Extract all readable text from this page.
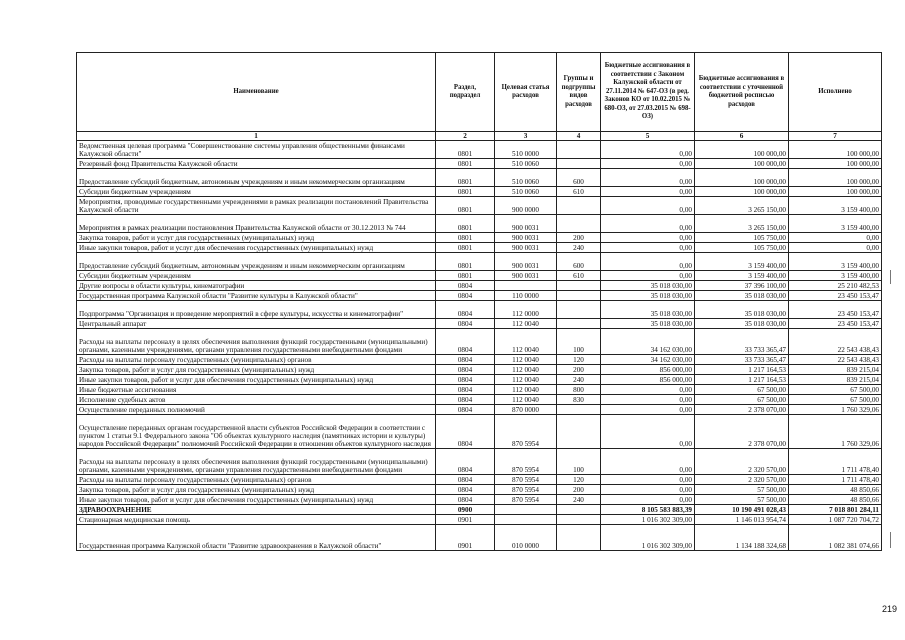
Наименование	Раздел, подраздел	Целевая статья расходов	Группы и подгруппы видов расходов	Бюджетные ассигнования в соответствии с Законом Калужской области от 27.11.2014 № 647-ОЗ (в ред. Законов КО от 10.02.2015 № 680-ОЗ, от 27.03.2015 № 698-ОЗ)	Бюджетные ассигнования в соответствии с уточненной бюджетной росписью расходов	Исполнено
1	2	3	4	5	6	7
Ведомственная целевая программа "Совершенствование системы управления общественными финансами Калужской области"	0801	510 0000		0,00	100 000,00	100 000,00
Резервный фонд Правительства Калужской области	0801	510 0060		0,00	100 000,00	100 000,00
Предоставление субсидий бюджетным, автономным учреждениям и иным некоммерческим организациям	0801	510 0060	600	0,00	100 000,00	100 000,00
Субсидии бюджетным учреждениям	0801	510 0060	610	0,00	100 000,00	100 000,00
Мероприятия, проводимые государственными учреждениями в рамках реализации постановлений Правительства Калужской области	0801	900 0000		0,00	3 265 150,00	3 159 400,00
Мероприятия в рамках реализации постановления Правительства Калужской области от 30.12.2013 № 744	0801	900 0031		0,00	3 265 150,00	3 159 400,00
Закупка товаров, работ и услуг для государственных (муниципальных) нужд	0801	900 0031	200	0,00	105 750,00	0,00
Иные закупки товаров, работ и услуг для обеспечения государственных (муниципальных) нужд	0801	900 0031	240	0,00	105 750,00	0,00
Предоставление субсидий бюджетным, автономным учреждениям и иным некоммерческим организациям	0801	900 0031	600	0,00	3 159 400,00	3 159 400,00
Субсидии бюджетным учреждениям	0801	900 0031	610	0,00	3 159 400,00	3 159 400,00
Другие вопросы в области культуры, кинематографии	0804			35 018 030,00	37 396 100,00	25 210 482,53
Государственная программа Калужской области "Развитие культуры в Калужской области"	0804	110 0000		35 018 030,00	35 018 030,00	23 450 153,47
Подпрограмма "Организация и проведение мероприятий в сфере культуры, искусства и кинематографии"	0804	112 0000		35 018 030,00	35 018 030,00	23 450 153,47
Центральный аппарат	0804	112 0040		35 018 030,00	35 018 030,00	23 450 153,47
Расходы на выплаты персоналу в целях обеспечения выполнения функций государственными (муниципальными) органами, казенными учреждениями, органами управления государственными внебюджетными фондами	0804	112 0040	100	34 162 030,00	33 733 365,47	22 543 438,43
Расходы на выплаты персоналу государственных (муниципальных) органов	0804	112 0040	120	34 162 030,00	33 733 365,47	22 543 438,43
Закупка товаров, работ и услуг для государственных (муниципальных) нужд	0804	112 0040	200	856 000,00	1 217 164,53	839 215,04
Иные закупки товаров, работ и услуг для обеспечения государственных (муниципальных) нужд	0804	112 0040	240	856 000,00	1 217 164,53	839 215,04
Иные бюджетные ассигнования	0804	112 0040	800	0,00	67 500,00	67 500,00
Исполнение судебных актов	0804	112 0040	830	0,00	67 500,00	67 500,00
Осуществление переданных полномочий	0804	870 0000		0,00	2 378 070,00	1 760 329,06
Осуществление переданных органам государственной власти субъектов Российской Федерации в соответствии с пунктом 1 статьи 9.1 Федерального закона "Об объектах культурного наследия (памятниках истории и культуры) народов Российской Федерации" полномочий Российской Федерации в отношении объектов культурного наследия	0804	870 5954		0,00	2 378 070,00	1 760 329,06
Расходы на выплаты персоналу в целях обеспечения выполнения функций государственными (муниципальными) органами, казенными учреждениями, органами управления государственными внебюджетными фондами	0804	870 5954	100	0,00	2 320 570,00	1 711 478,40
Расходы на выплаты персоналу государственных (муниципальных) органов	0804	870 5954	120	0,00	2 320 570,00	1 711 478,40
Закупка товаров, работ и услуг для государственных (муниципальных) нужд	0804	870 5954	200	0,00	57 500,00	48 850,66
Иные закупки товаров, работ и услуг для обеспечения государственных (муниципальных) нужд	0804	870 5954	240	0,00	57 500,00	48 850,66
ЗДРАВООХРАНЕНИЕ	0900			8 105 583 883,39	10 190 491 028,43	7 018 801 284,11
Стационарная медицинская помощь	0901			1 016 302 309,00	1 146 013 954,74	1 087 720 704,72
Государственная программа Калужской области "Развитие здравоохранения в Калужской области"	0901	010 0000		1 016 302 309,00	1 134 188 324,68	1 082 381 074,66
219
